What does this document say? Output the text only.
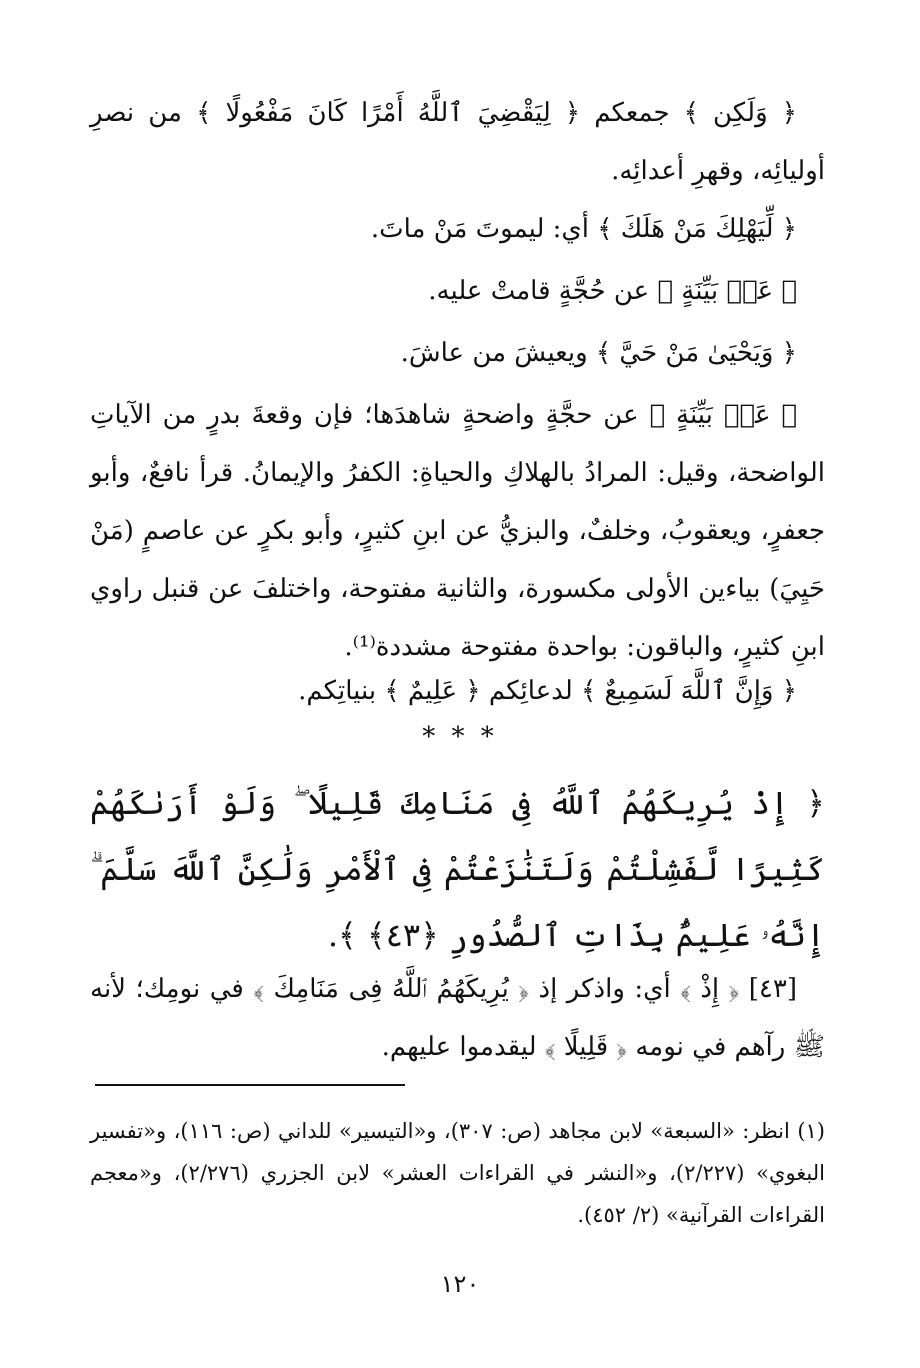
﴿ وَلَكِن ﴾ جمعكم ﴿ لِيَقْضِيَ ٱللَّهُ أَمْرًا كَانَ مَفْعُولًا ﴾ من نصرِ أوليائِه، وقهرِ أعدائِه.

﴿ لِّيَهْلِكَ مَنْ هَلَكَ ﴾ أي: ليموتَ مَنْ ماتَ.

﴿ عَنۢ بَيِّنَةٍ ﴾ عن حُجَّةٍ قامتْ عليه.

﴿ وَيَحْيَىٰ مَنْ حَيَّ ﴾ ويعيشَ من عاشَ.

﴿ عَنۢ بَيِّنَةٍ ﴾ عن حجَّةٍ واضحةٍ شاهدَها؛ فإن وقعةَ بدرٍ من الآياتِ الواضحة، وقيل: المرادُ بالهلاكِ والحياةِ: الكفرُ والإيمانُ. قرأ نافعٌ، وأبو جعفرٍ، ويعقوبُ، وخلفٌ، والبزيُّ عن ابنِ كثيرٍ، وأبو بكرٍ عن عاصمٍ (مَنْ حَيِيَ) بياءين الأولى مكسورة، والثانية مفتوحة، واختلفَ عن قنبل راوي ابنِ كثيرٍ، والباقون: بواحدة مفتوحة مشددة⁽¹⁾.

﴿ وَإِنَّ ٱللَّهَ لَسَمِيعٌ ﴾ لدعائِكم ﴿ عَلِيمٌ ﴾ بنياتِكم.

* * *

﴿ إِذْ يُرِيكَهُمُ ٱللَّهُ فِى مَنَامِكَ قَلِيلًا ۖ وَلَوْ أَرَىٰكَهُمْ كَثِيرًا لَّفَشِلْتُمْ وَلَتَنَٰزَعْتُمْ فِى ٱلْأَمْرِ وَلَٰكِنَّ ٱللَّهَ سَلَّمَ ۗ إِنَّهُۥ عَلِيمٌۢ بِذَاتِ ٱلصُّدُورِ ﴿٤٣﴾ ﴾.

[٤٣] ﴿ إِذْ ﴾ أي: واذكر إذ ﴿ يُرِيكَهُمُ ٱللَّهُ فِى مَنَامِكَ ﴾ في نومِك؛ لأنه ﷺ رآهم في نومه ﴿ قَلِيلًا ﴾ ليقدموا عليهم.

(١) انظر: «السبعة» لابن مجاهد (ص: ٣٠٧)، و«التيسير» للداني (ص: ١١٦)، و«تفسير البغوي» (٢/٢٢٧)، و«النشر في القراءات العشر» لابن الجزري (٢/٢٧٦)، و«معجم القراءات القرآنية» (٢/ ٤٥٢).

١٢٠
